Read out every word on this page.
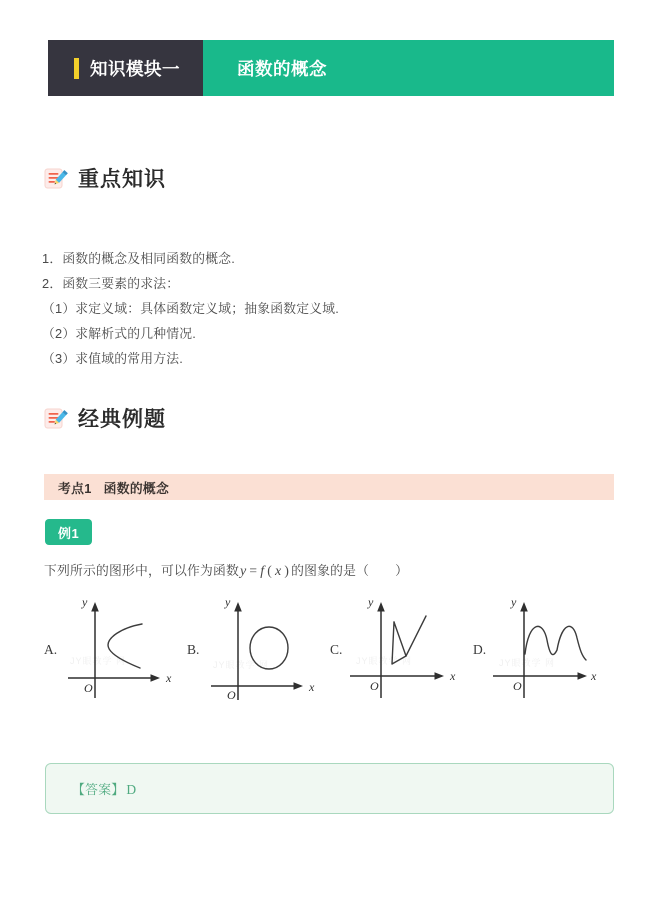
知识模块一	函数的概念
重点知识
1．函数的概念及相同函数的概念.
2．函数三要素的求法：
（1）求定义域：具体函数定义域；抽象函数定义域.
（2）求解析式的几种情况.
（3）求值域的常用方法.
经典例题
考点1 函数的概念
例1
下列所示的图形中，可以作为函数y = f ( x ) 的图象的是（　　）
A.
JY眼教学 网
y
x
O
B.
JY眼教学 网
y
x
O
C.
JY眼教学 网
y
x
O
D.
JY眼教学 网
y
x
O
【答案】 D
